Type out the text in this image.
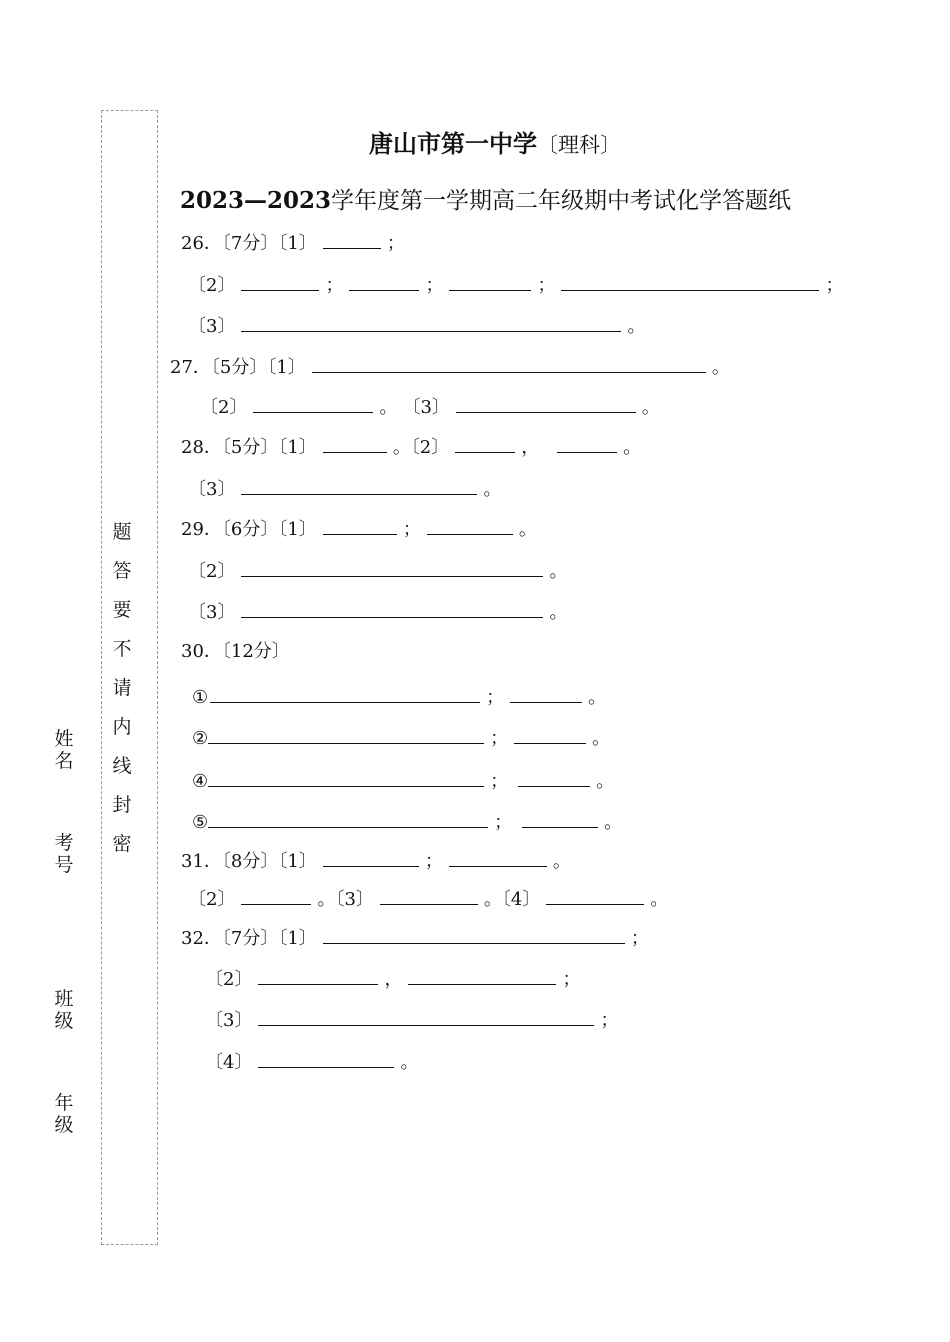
题
答
要
不
请
内
线
封
密
姓名
考号
班级
年级
唐山市第一中学〔理科〕
2023—2023学年度第一学期高二年级期中考试化学答题纸
26．〔7分〕〔1〕	；
〔2〕	；	；	；	；
〔3〕	。
27．〔5分〕〔1〕	。
〔2〕	。 〔3〕	。
28．〔5分〕〔1〕	。〔2〕	，	。
〔3〕	。
29．〔6分〕〔1〕	；	。
〔2〕	。
〔3〕	。
30．〔12分〕
①	；	。
②	；	。
④	；	。
⑤	；	。
31．〔8分〕〔1〕	；	。
〔2〕	。〔3〕	。〔4〕	。
32．〔7分〕〔1〕	；
〔2〕	，	；
〔3〕	；
〔4〕	。
